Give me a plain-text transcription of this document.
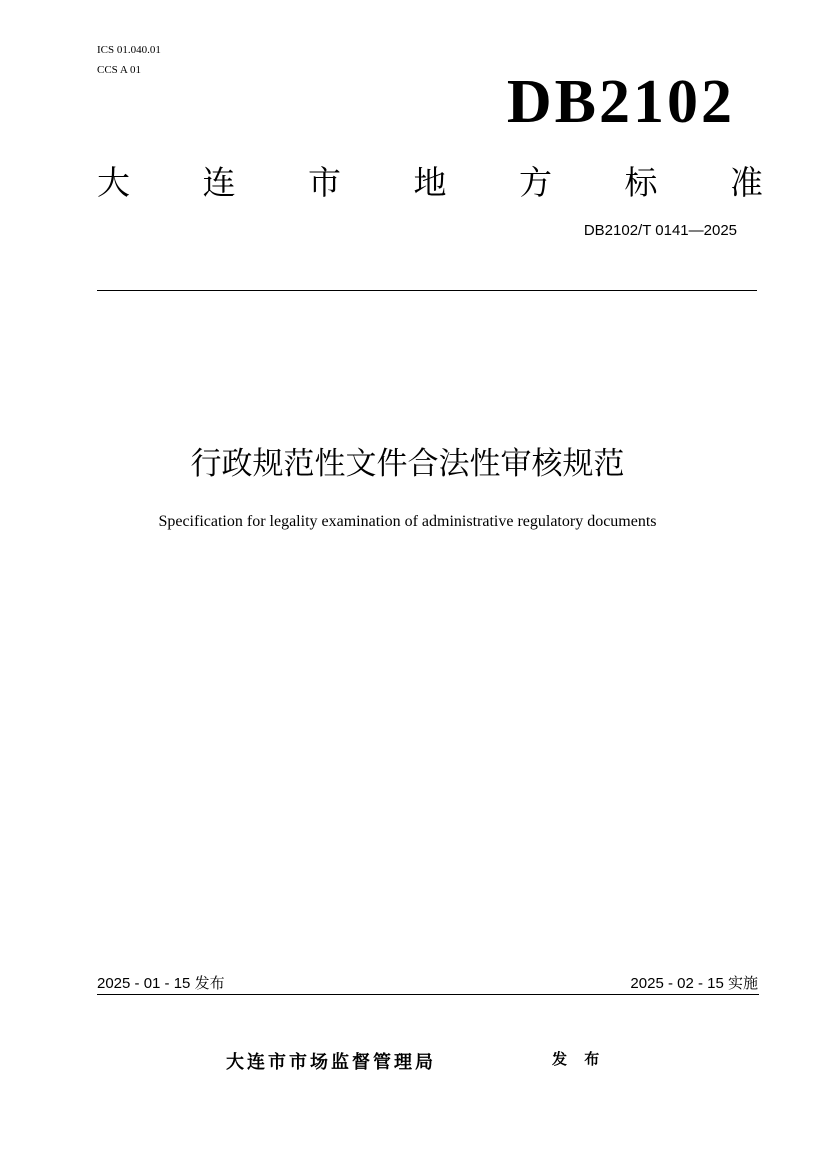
ICS 01.040.01
CCS A 01	DB2102
大 连 市 地 方 标 准
DB2102/T 0141—2025
行政规范性文件合法性审核规范
Specification for legality examination of administrative regulatory documents
2025 - 01 - 15 发布	2025 - 02 - 15 实施
大连市市场监督管理局	发 布
